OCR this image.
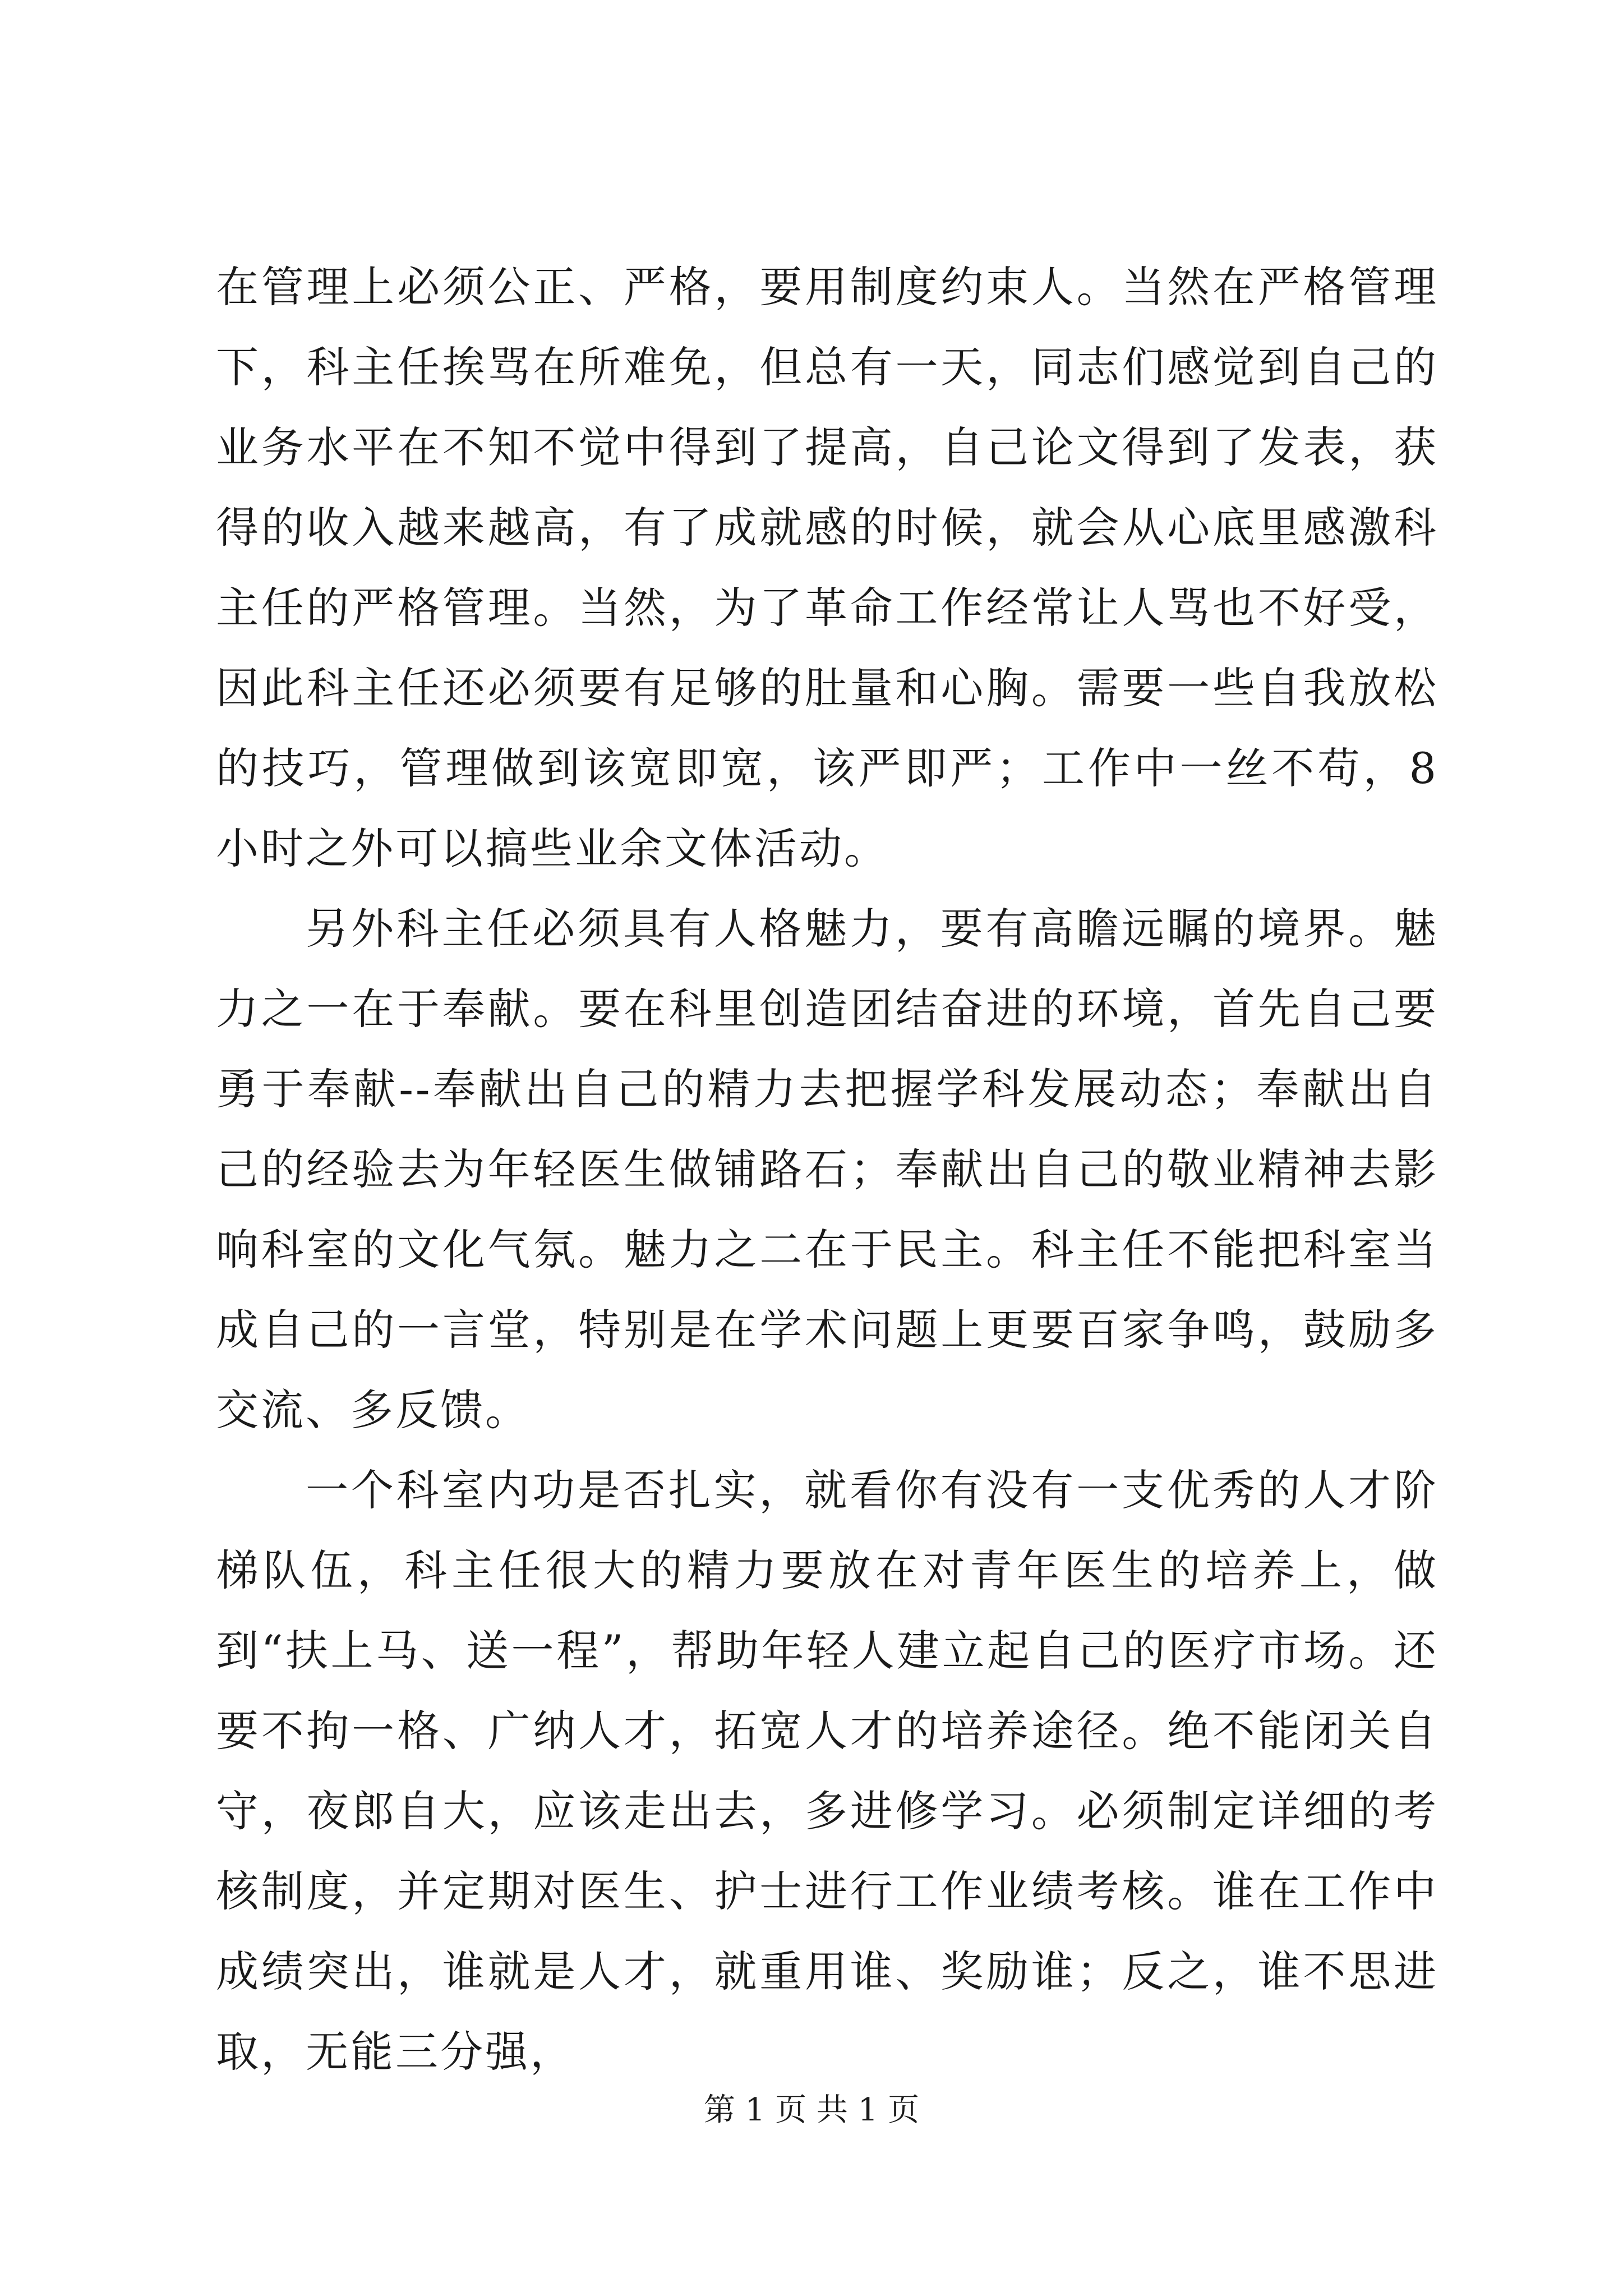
在管理上必须公正、严格，要用制度约束人。当然在严格管理下，科主任挨骂在所难免，但总有一天，同志们感觉到自己的业务水平在不知不觉中得到了提高，自己论文得到了发表，获得的收入越来越高，有了成就感的时候，就会从心底里感激科主任的严格管理。当然，为了革命工作经常让人骂也不好受，因此科主任还必须要有足够的肚量和心胸。需要一些自我放松的技巧，管理做到该宽即宽，该严即严；工作中一丝不苟，8小时之外可以搞些业余文体活动。

另外科主任必须具有人格魅力，要有高瞻远瞩的境界。魅力之一在于奉献。要在科里创造团结奋进的环境，首先自己要勇于奉献--奉献出自己的精力去把握学科发展动态；奉献出自己的经验去为年轻医生做铺路石；奉献出自己的敬业精神去影响科室的文化气氛。魅力之二在于民主。科主任不能把科室当成自己的一言堂，特别是在学术问题上更要百家争鸣，鼓励多交流、多反馈。

一个科室内功是否扎实，就看你有没有一支优秀的人才阶梯队伍，科主任很大的精力要放在对青年医生的培养上，做到“扶上马、送一程”，帮助年轻人建立起自己的医疗市场。还要不拘一格、广纳人才，拓宽人才的培养途径。绝不能闭关自守，夜郎自大，应该走出去，多进修学习。必须制定详细的考核制度，并定期对医生、护士进行工作业绩考核。谁在工作中成绩突出，谁就是人才，就重用谁、奖励谁；反之，谁不思进取，无能三分强，

第 1 页 共 1 页
